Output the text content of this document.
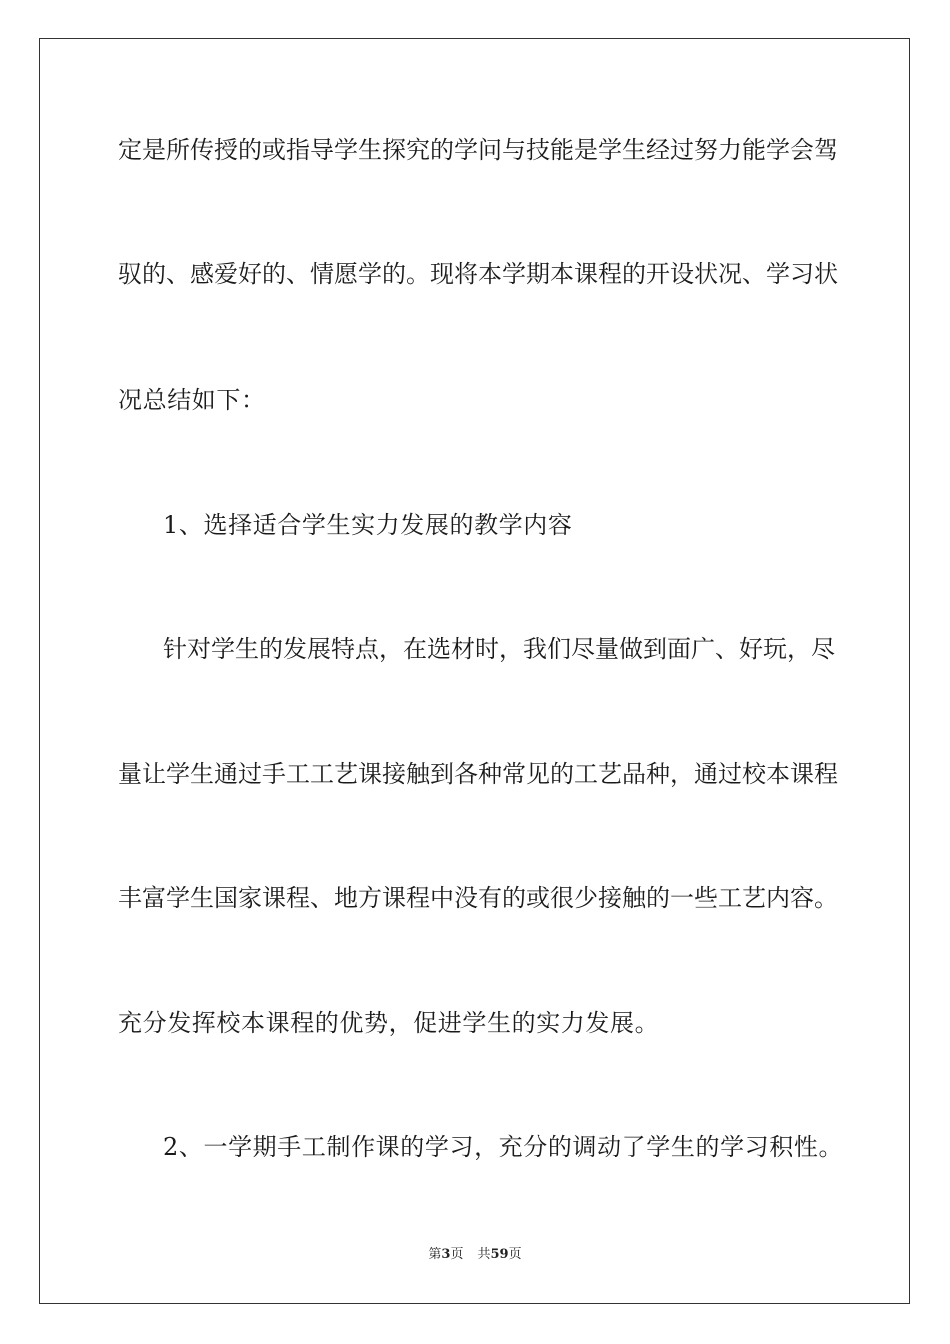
定是所传授的或指导学生探究的学问与技能是学生经过努力能学会驾
驭的、感爱好的、情愿学的。现将本学期本课程的开设状况、学习状
况总结如下：
1、选择适合学生实力发展的教学内容
针对学生的发展特点，在选材时，我们尽量做到面广、好玩，尽
量让学生通过手工工艺课接触到各种常见的工艺品种，通过校本课程
丰富学生国家课程、地方课程中没有的或很少接触的一些工艺内容。
充分发挥校本课程的优势，促进学生的实力发展。
2、一学期手工制作课的学习，充分的调动了学生的学习积性。
第3页 共59页
